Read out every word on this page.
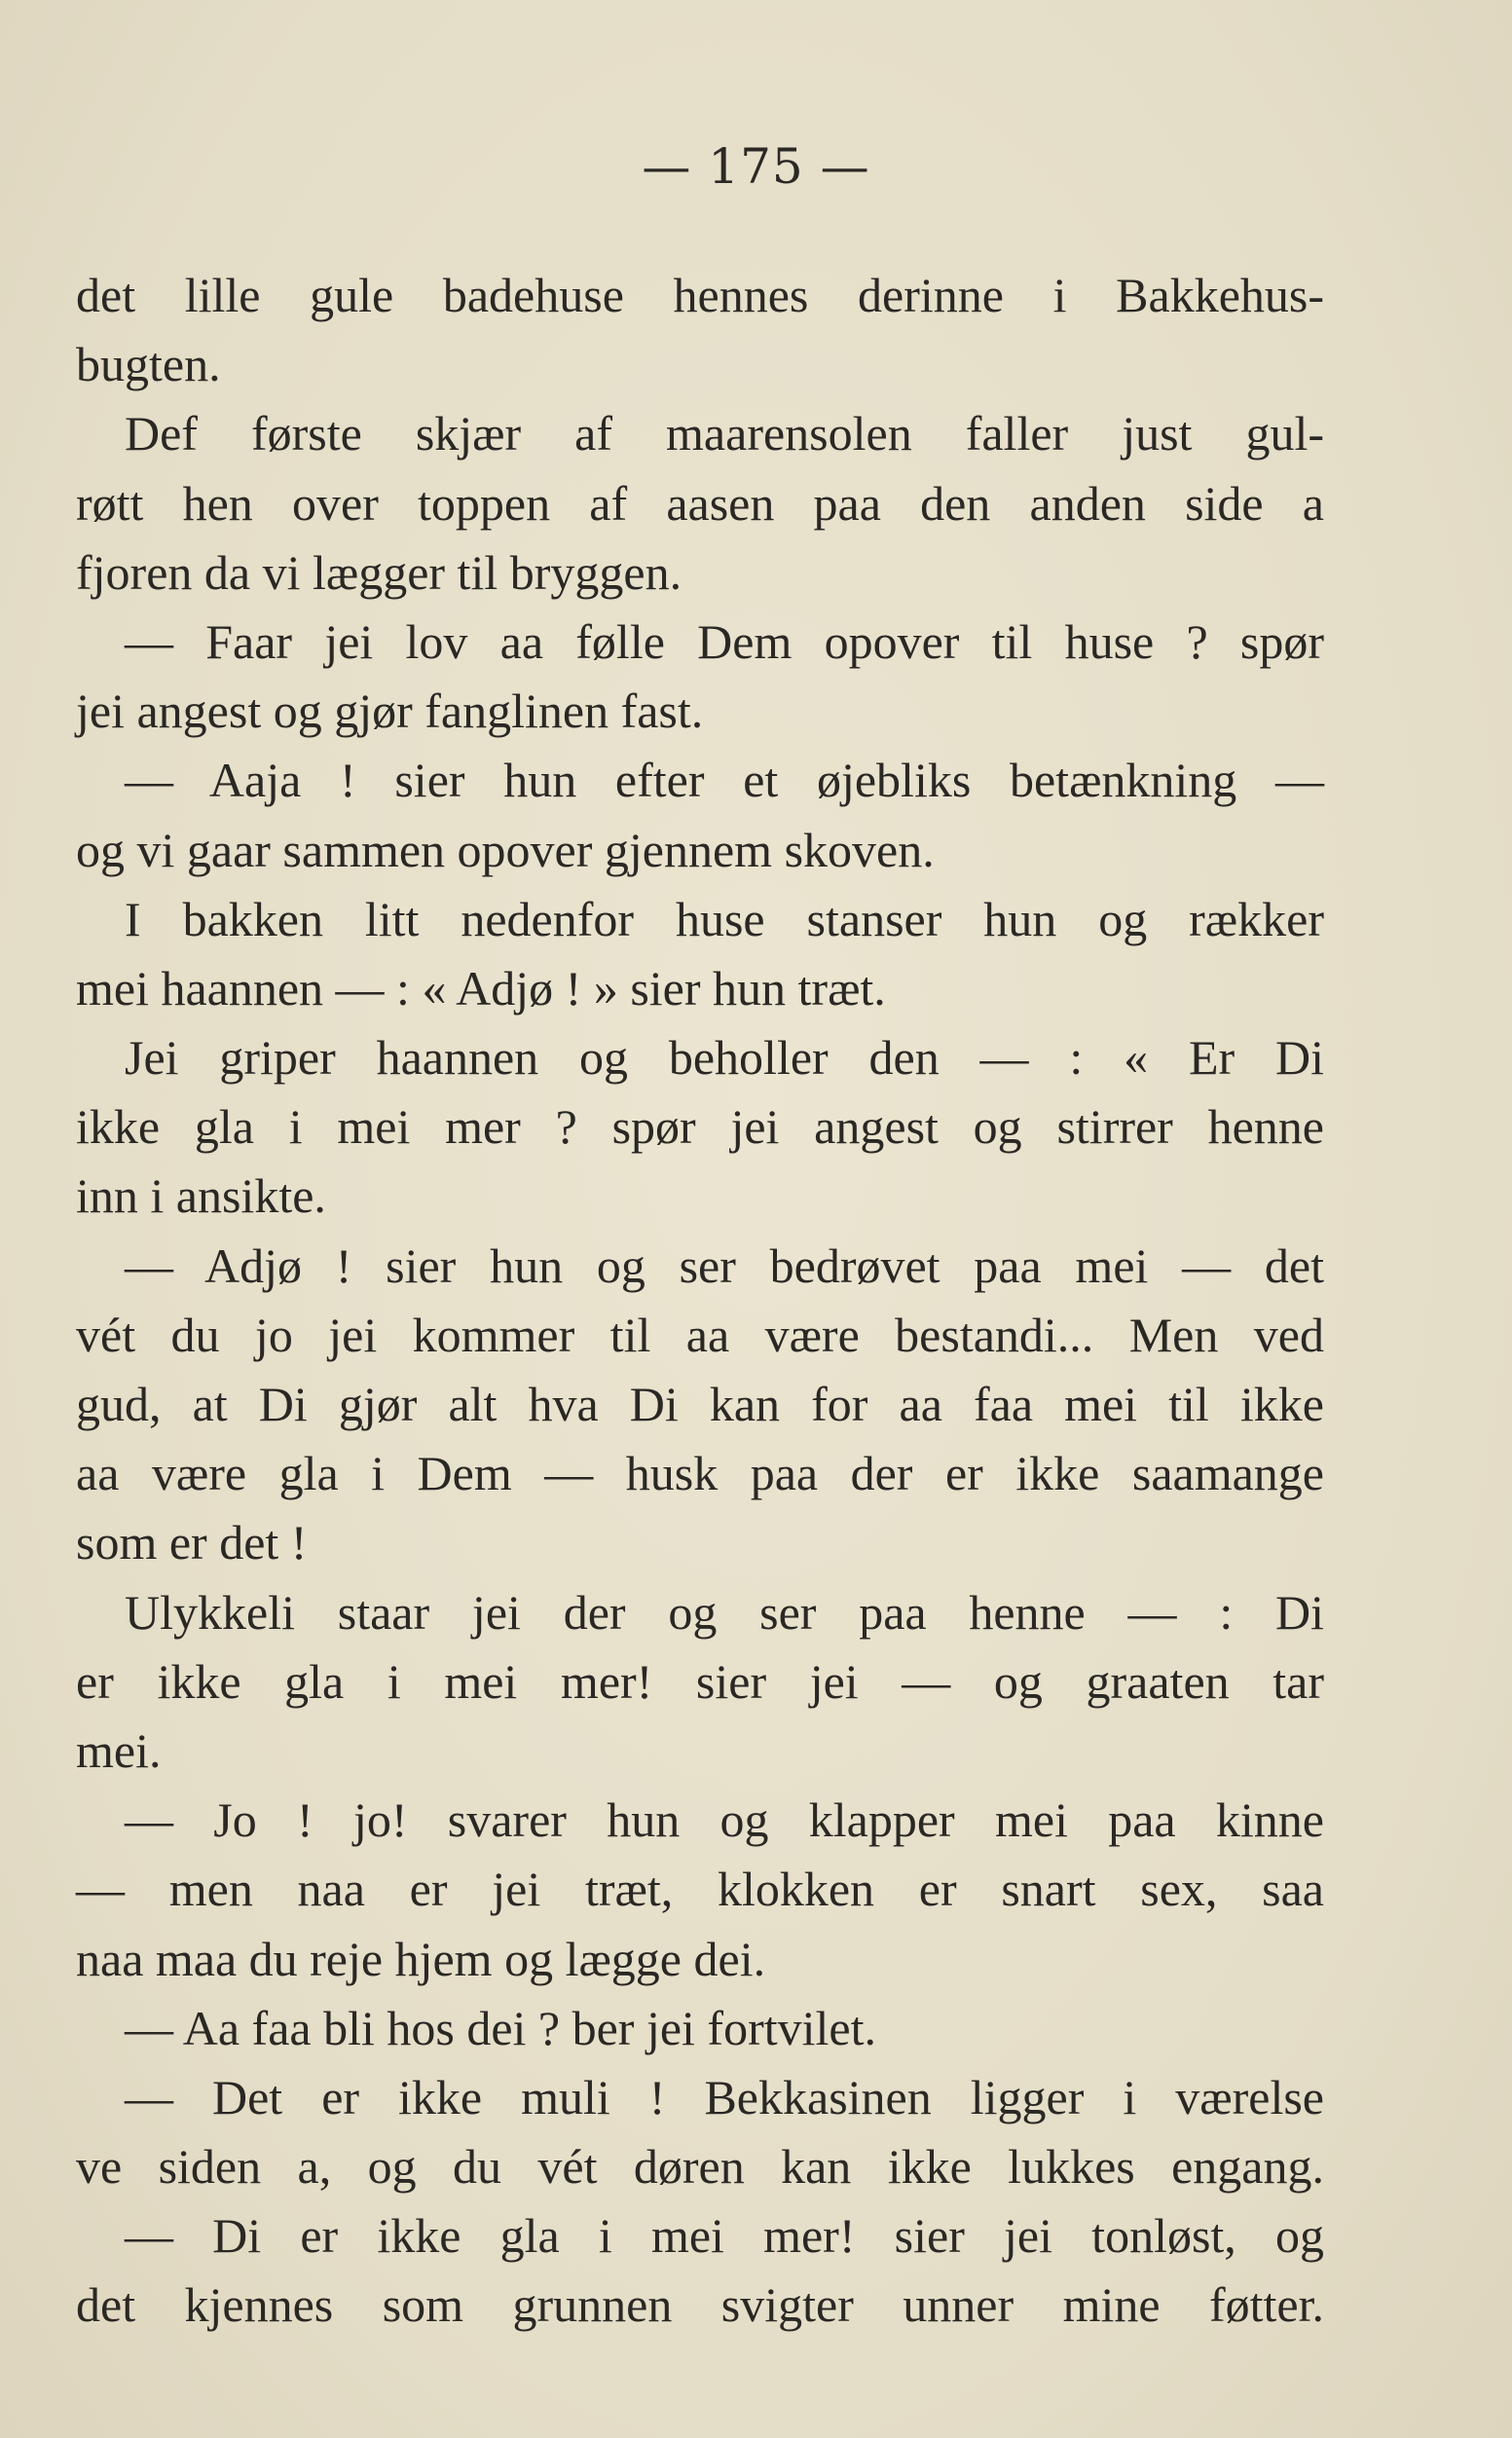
— 175 —
det lille gule badehuse hennes derinne i Bakkehus-
bugten.
Def første skjær af maarensolen faller just gul-
røtt hen over toppen af aasen paa den anden side a
fjoren da vi lægger til bryggen.
— Faar jei lov aa følle Dem opover til huse ? spør
jei angest og gjør fanglinen fast.
— Aaja ! sier hun efter et øjebliks betænkning —
og vi gaar sammen opover gjennem skoven.
I bakken litt nedenfor huse stanser hun og rækker
mei haannen — : « Adjø ! » sier hun træt.
Jei griper haannen og beholler den — : « Er Di
ikke gla i mei mer ? spør jei angest og stirrer henne
inn i ansikte.
— Adjø ! sier hun og ser bedrøvet paa mei — det
vét du jo jei kommer til aa være bestandi... Men ved
gud, at Di gjør alt hva Di kan for aa faa mei til ikke
aa være gla i Dem — husk paa der er ikke saamange
som er det !
Ulykkeli staar jei der og ser paa henne — : Di
er ikke gla i mei mer! sier jei — og graaten tar
mei.
— Jo ! jo! svarer hun og klapper mei paa kinne
— men naa er jei træt, klokken er snart sex, saa
naa maa du reje hjem og lægge dei.
— Aa faa bli hos dei ? ber jei fortvilet.
— Det er ikke muli ! Bekkasinen ligger i værelse
ve siden a, og du vét døren kan ikke lukkes engang.
— Di er ikke gla i mei mer! sier jei tonløst, og
det kjennes som grunnen svigter unner mine føtter.
